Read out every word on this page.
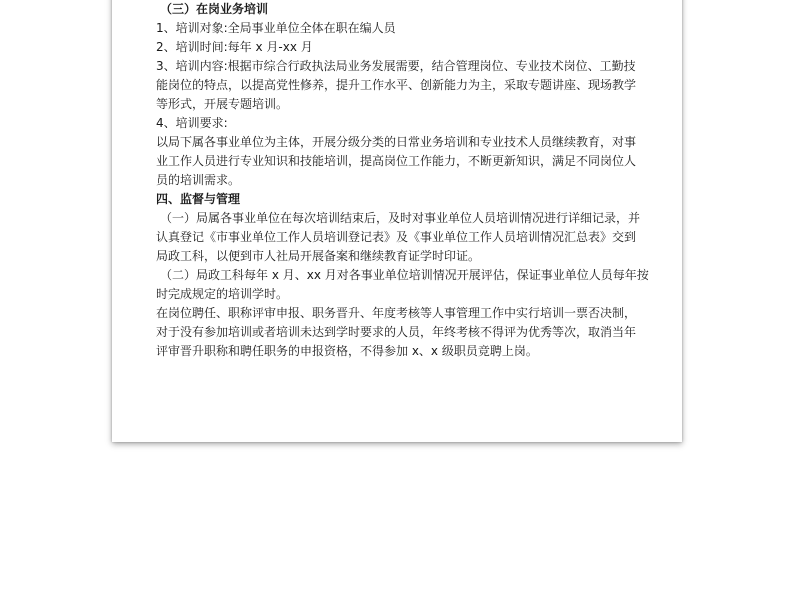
（三）在岗业务培训
1、培训对象:全局事业单位全体在职在编人员
2、培训时间:每年 x 月-xx 月
3、培训内容:根据市综合行政执法局业务发展需要，结合管理岗位、专业技术岗位、工勤技
能岗位的特点，以提高党性修养，提升工作水平、创新能力为主，采取专题讲座、现场教学
等形式，开展专题培训。
4、培训要求:
以局下属各事业单位为主体，开展分级分类的日常业务培训和专业技术人员继续教育，对事
业工作人员进行专业知识和技能培训，提高岗位工作能力，不断更新知识，满足不同岗位人
员的培训需求。
四、监督与管理
（一）局属各事业单位在每次培训结束后，及时对事业单位人员培训情况进行详细记录，并
认真登记《市事业单位工作人员培训登记表》及《事业单位工作人员培训情况汇总表》交到
局政工科，以便到市人社局开展备案和继续教育证学时印证。
（二）局政工科每年 x 月、xx 月对各事业单位培训情况开展评估，保证事业单位人员每年按
时完成规定的培训学时。
在岗位聘任、职称评审申报、职务晋升、年度考核等人事管理工作中实行培训一票否决制，
对于没有参加培训或者培训未达到学时要求的人员，年终考核不得评为优秀等次，取消当年
评审晋升职称和聘任职务的申报资格，不得参加 x、x 级职员竞聘上岗。
